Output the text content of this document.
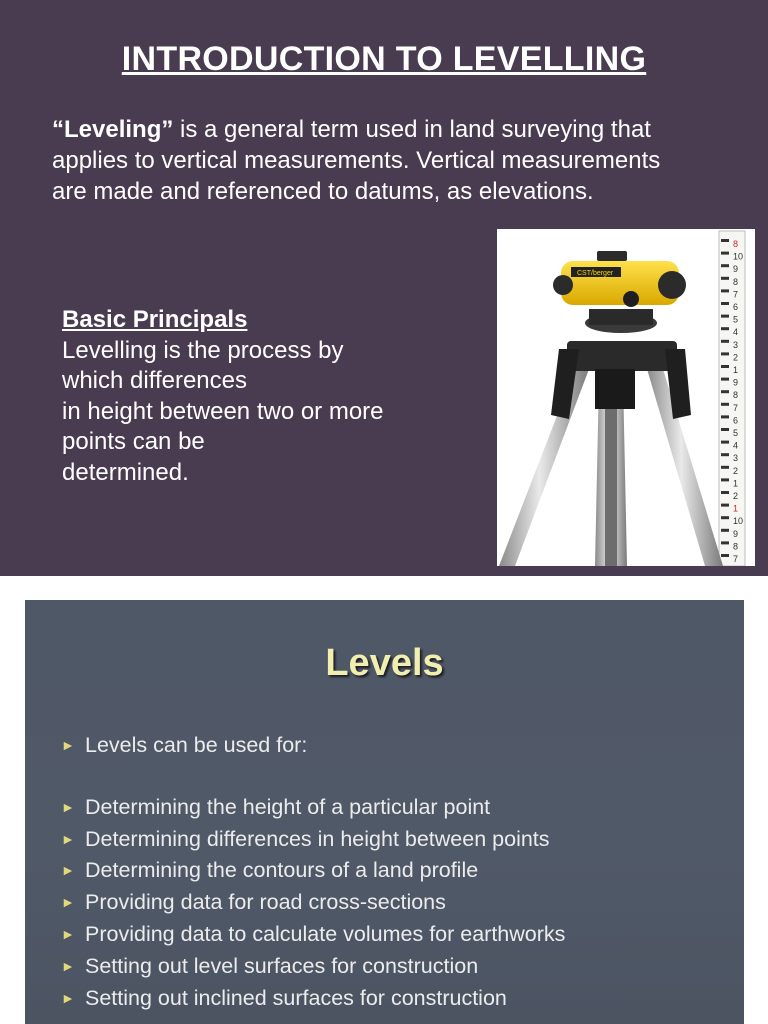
INTRODUCTION TO LEVELLING
“Leveling” is a general term used in land surveying that
applies to vertical measurements. Vertical measurements
are made and referenced to datums, as elevations.
Basic Principals
Levelling is the process by
which differences
in height between two or more
points can be
determined.
8
10
9
8
7
6
5
4
3
2
1
9
8
7
6
5
4
3
2
1
2
1
10
9
8
7
CST/berger
Levels
► Levels can be used for:
► Determining the height of a particular point
► Determining differences in height between points
► Determining the contours of a land profile
► Providing data for road cross-sections
► Providing data to calculate volumes for earthworks
► Setting out level surfaces for construction
► Setting out inclined surfaces for construction
